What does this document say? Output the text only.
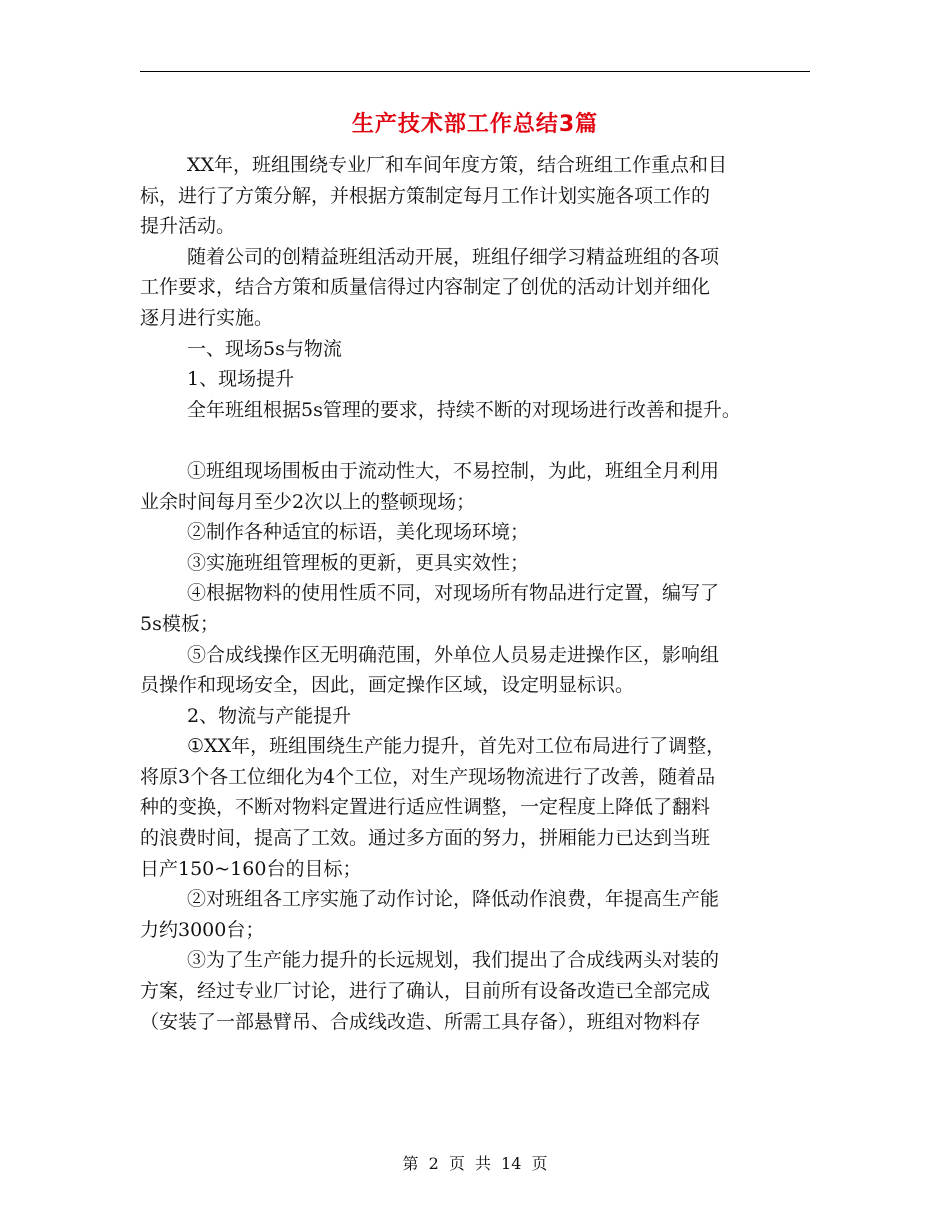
生产技术部工作总结3篇
XX年，班组围绕专业厂和车间年度方策，结合班组工作重点和目
标，进行了方策分解，并根据方策制定每月工作计划实施各项工作的
提升活动。
随着公司的创精益班组活动开展，班组仔细学习精益班组的各项
工作要求，结合方策和质量信得过内容制定了创优的活动计划并细化
逐月进行实施。
一、现场5s与物流
1、现场提升
全年班组根据5s管理的要求，持续不断的对现场进行改善和提升。
①班组现场围板由于流动性大，不易控制，为此，班组全月利用
业余时间每月至少2次以上的整顿现场；
②制作各种适宜的标语，美化现场环境；
③实施班组管理板的更新，更具实效性；
④根据物料的使用性质不同，对现场所有物品进行定置，编写了
5s模板；
⑤合成线操作区无明确范围，外单位人员易走进操作区，影响组
员操作和现场安全，因此，画定操作区域，设定明显标识。
2、物流与产能提升
①XX年，班组围绕生产能力提升，首先对工位布局进行了调整，
将原3个各工位细化为4个工位，对生产现场物流进行了改善，随着品
种的变换，不断对物料定置进行适应性调整，一定程度上降低了翻料
的浪费时间，提高了工效。通过多方面的努力，拼厢能力已达到当班
日产150~160台的目标；
②对班组各工序实施了动作讨论，降低动作浪费，年提高生产能
力约3000台；
③为了生产能力提升的长远规划，我们提出了合成线两头对装的
方案，经过专业厂讨论，进行了确认，目前所有设备改造已全部完成
（安装了一部悬臂吊、合成线改造、所需工具存备），班组对物料存
第 2 页 共 14 页
